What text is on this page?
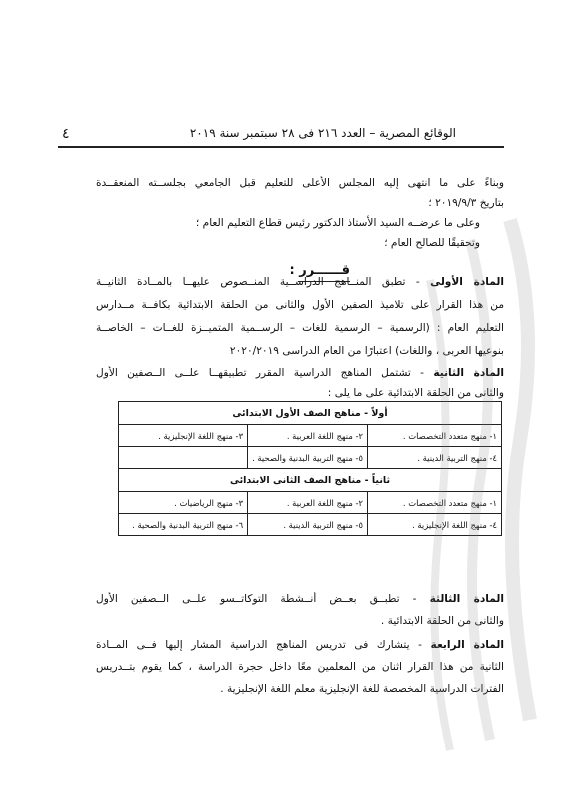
٤	الوقائع المصرية – العدد ٢١٦ فى ٢٨ سبتمبر سنة ٢٠١٩
وبناءً على ما انتهى إليه المجلس الأعلى للتعليم قبل الجامعي بجلســته المنعقــدة
بتاريخ ٢٠١٩/٩/٣ ؛
وعلى ما عرضــه السيد الأستاذ الدكتور رئيس قطاع التعليم العام ؛
وتحقيقًا للصالح العام ؛
قــــــرر :
المادة الأولى - تطبق المنــاهج الدراســية المنــصوص عليهــا بالمــادة الثانيــة
من هذا القرار على تلاميذ الصفين الأول والثانى من الحلقة الابتدائية بكافــة مــدارس
التعليم العام : (الرسمية – الرسمية للغات – الرســمية المتميــزة للغــات – الخاصــة
بنوعيها العربى ، واللغات) اعتبارًا من العام الدراسى ٢٠٢٠/٢٠١٩
المادة الثانية - تشتمل المناهج الدراسية المقرر تطبيقهــا علــى الــصفين الأول
والثانى من الحلقة الابتدائية على ما يلى :
أولاً - مناهج الصف الأول الابتدائى		
١- منهج متعدد التخصصات .	٢- منهج اللغة العربية .	٣- منهج اللغة الإنجليزية .
٤- منهج التربية الدينية .	٥- منهج التربية البدنية والصحية .	
ثانياً - مناهج الصف الثانى الابتدائى		
١- منهج متعدد التخصصات .	٢- منهج اللغة العربية .	٣- منهج الرياضيات .
٤- منهج اللغة الإنجليزية .	٥- منهج التربية الدينية .	٦- منهج التربية البدنية والصحية .
المادة الثالثة - تطبــق بعــض أنــشطة التوكاتــسو علــى الــصفين الأول
والثانى من الحلقة الابتدائية .
المادة الرابعة - يتشارك فى تدريس المناهج الدراسية المشار إليها فــى المــادة
الثانية من هذا القرار اثنان من المعلمين معًا داخل حجرة الدراسة ، كما يقوم بتــدريس
الفترات الدراسية المخصصة للغة الإنجليزية معلم اللغة الإنجليزية .
